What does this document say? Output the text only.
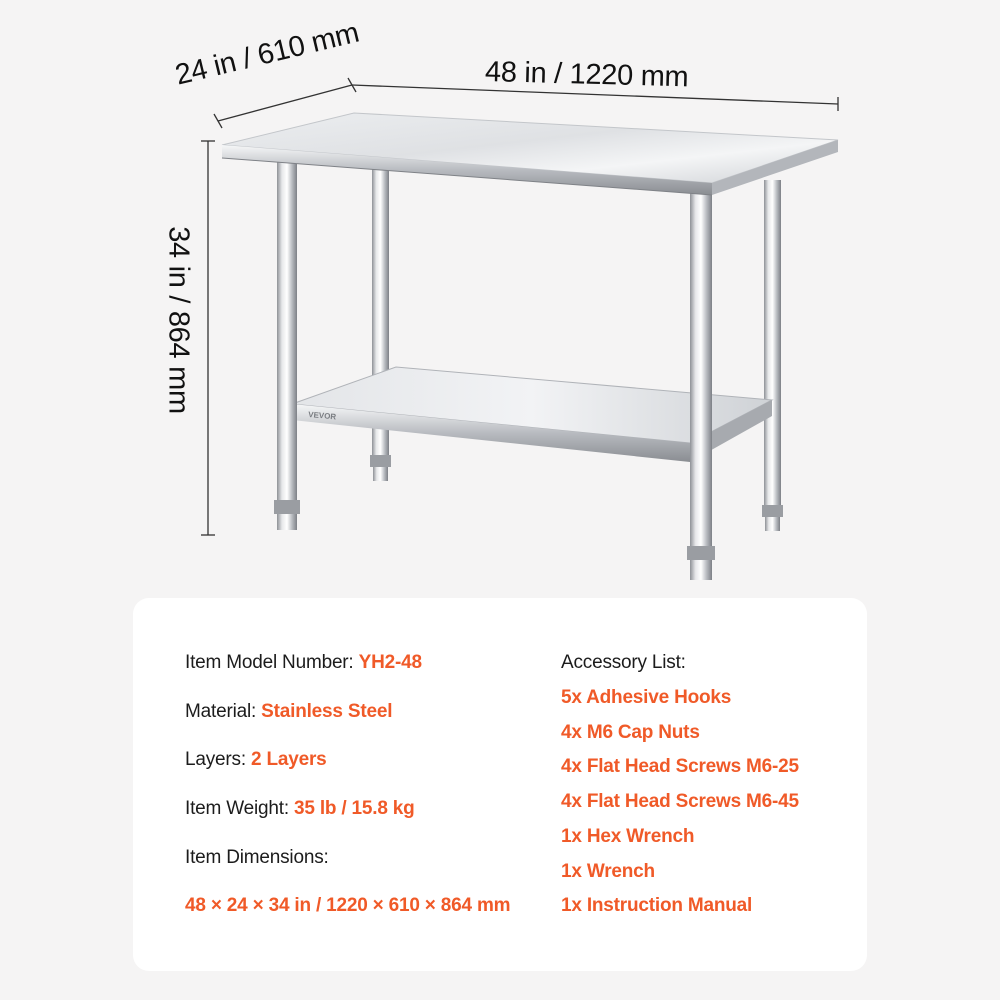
VEVOR
24 in / 610 mm	48 in / 1220 mm
34 in / 864 mm
Item Model Number: YH2-48
Material: Stainless Steel
Layers: 2 Layers
Item Weight: 35 lb / 15.8 kg
Item Dimensions:
48 × 24 × 34 in / 1220 × 610 × 864 mm
Accessory List:
5x Adhesive Hooks
4x M6 Cap Nuts
4x Flat Head Screws M6-25
4x Flat Head Screws M6-45
1x Hex Wrench
1x Wrench
1x Instruction Manual
